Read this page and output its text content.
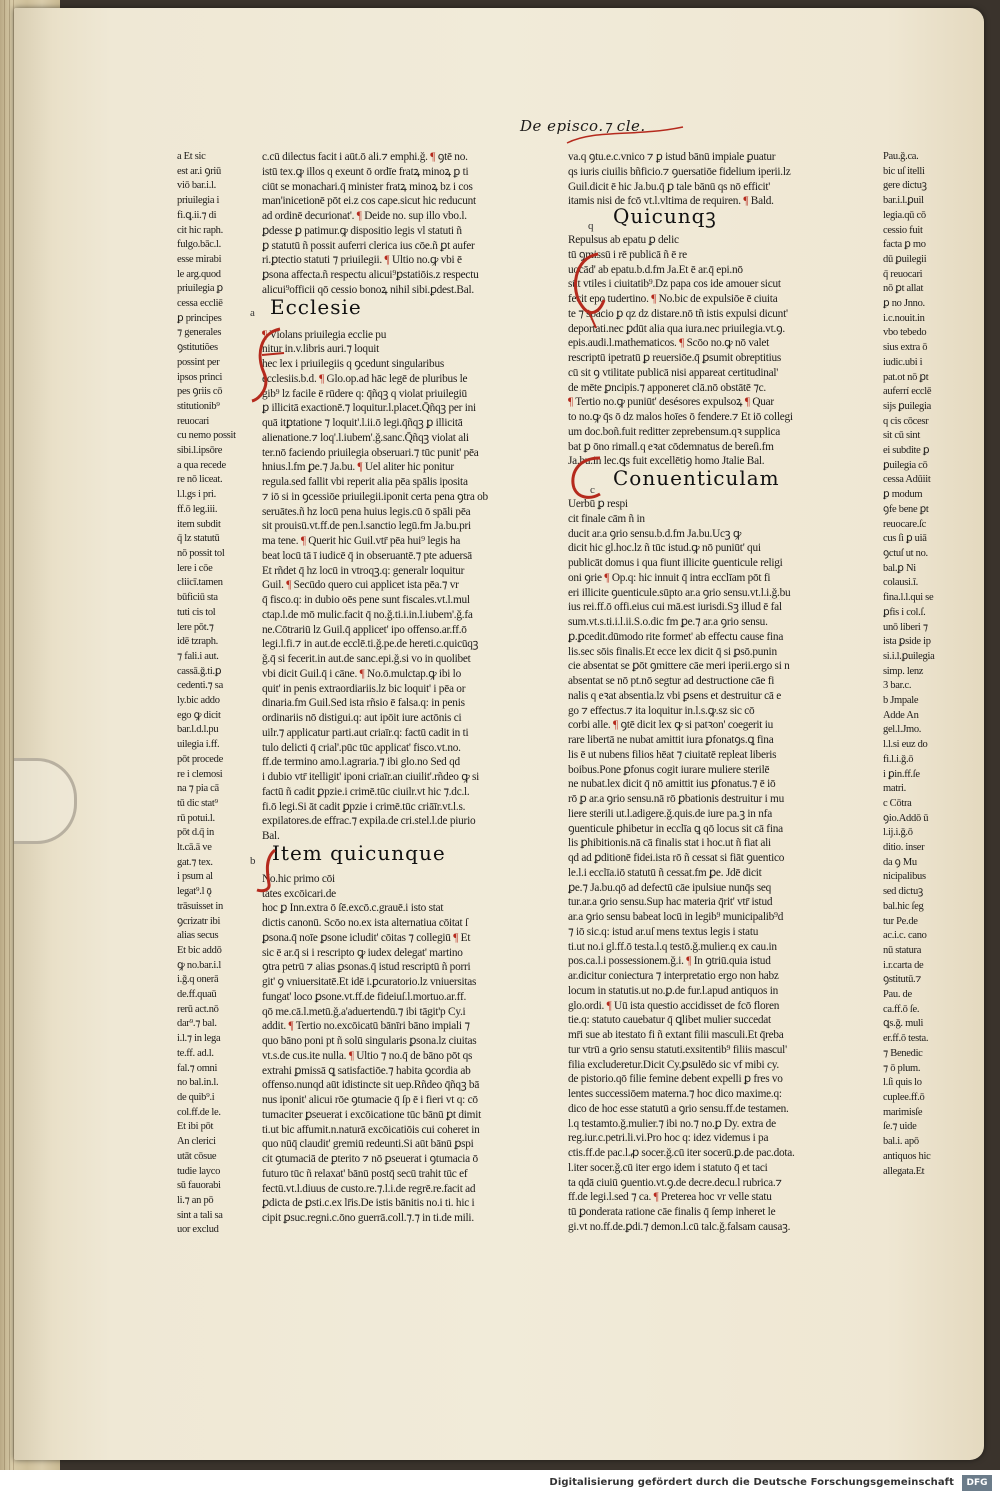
De episco.⁊ cle.

a Et sic

est ar.i ꝯriū

viō bar.i.l.

priuilegia i

fi.ꝗ.ii.⁊ di

cit hic raph.

fulgo.bāc.l.

esse mirabi

le arg.quod

priuilegia ꝑ

cessa eccliē

ꝑ principes

⁊ generales

ꝯstitutiões

possint per

ipsos princi

pes ꝯriis cō

stitutionib⁹

reuocari

cu nemo possit

sibi.l.ipsōre

a qua recede

re nō liceat.

l.l.gs i pri.

ff.ō leg.iii.

item subdit

q̄ lz statutū

nō possit tol

lere i cōe

cliicī.tamen

būficiū sta

tuti cis tol

lere pōt.⁊

idē tzraph.

⁊ fali.i aut.

cassā.ǧ.ti.ꝑ

cedenti.⁊ sa

ly.bic addo

ego ꝙ dicit

bar.l.d.l.pu

uilegia i.ff.

pōt procede

re i clemosi

na ⁊ pia cā

tū dic stat⁹

rū potui.l.

pōt d.q̄ in

lt.cā.ā ve

gat.⁊ tex.

i psum al

legat⁹.l ǭ

trāsuisset in

ꝯcrizatr ibi

alias secus

Et bic addō

ꝙ no.bar.i.l

i.ǧ.q onerā

de.ff.quaū

rerū act.nō

dar⁹.⁊ bal.

i.l.⁊ in lega

te.ff. ad.l.

fal.⁊ omni

no bal.in.l.

de quib⁹.i

col.ff.de le.

Et ibi pōt

An clerici

utāt cōsue

tudie layco

sū fauorabi

li.⁊ an pō

sint a tali sa

uor exclud

c.cū dilectus facit i aūt.ō ali.⁊ emphi.ǧ. ¶ ꝯtē no.

istū tex.ꝙ illos q exeunt ō ordīe fratꝝ minoꝝ ꝑ ti

ciūt se monachari.q̄ minister fratꝝ minoꝝ bz i cos

man'inicetionē pōt ei.z cos cape.sicut hic reducunt

ad ordinē decurionat'. ¶ Deide no. sup illo vbo.l.

ꝑdesse ꝑ patimur.ꝙ dispositio legis vl statuti ñ

ꝑ statutū ñ possit auferri clerica ius cōe.ñ ꝑt aufer

ri.ꝑtectio statuti ⁊ priuilegii. ¶ Ultio no.ꝙ vbi ē

ꝑsona affecta.ñ respectu alicui⁹ꝑstatiōis.z respectu

alicui⁹officii qō cessio bonoꝝ nihil sibi.ꝑdest.Bal.

a Ecclesie

¶ Violans priuilegia ecclie pu

nitur in.v.libris auri.⁊ loquit

hec lex i priuilegiis q ꝯcedunt singularibus

ecclesiis.b.d. ¶ Glo.op.ad hāc legē de pluribus le

gib⁹ lz facile ē rūdere q: q̄ñqꝫ q violat priuilegiū

ꝑ illicitā exactionē.⁊ loquitur.l.placet.Q̄ñqꝫ per ini

quā itꝑtatione ⁊ loquit'.l.ii.ō legi.q̄ñqꝫ ꝑ illicitā

alienatione.⁊ loq'.l.iubem'.ǧ.sanc.Q̄ñqꝫ violat ali

ter.nō faciendo priuilegia obseruari.⁊ tūc punit' pēa

hnius.l.fm ꝑe.⁊ Ja.bu. ¶ Uel aliter hic ponitur

regula.sed fallit vbi reperit alia pēa spālis iposita

⁊ iō si in ꝯcessiōe priuilegii.iponit certa pena ꝯtra ob

seruātes.ñ hz locū pena huius legis.cū ō spāli pēa

sit prouisū.vt.ff.de pen.l.sanctio legū.fm Ja.bu.pri

ma tene. ¶ Querit hic Guil.vtr̄ pēa hui⁹ legis ha

beat locū tā ī iudicē q̄ in obseruantē.⁊ pte aduersā

Et rñdet q̄ hz locū in vtroqꝫ.q: generalr loquitur

Guil. ¶ Secūdo quero cui applicet ista pēa.⁊ vr

q̄ fisco.q: in dubio oēs pene sunt fiscales.vt.l.mul

ctap.l.de mō mulic.facit q̄ no.ǧ.ti.i.in.l.iubem'.ǧ.fa

ne.Cōtrariū lz Guil.q̄ applicet' ipo offenso.ar.ff.ō

legi.l.fi.⁊ in aut.de ecclē.ti.ǧ.pe.de hereti.c.quicūqꝫ

ǧ.q̄ si fecerit.in aut.de sanc.epi.ǧ.si vo in quolibet

vbi dicit Guil.q̄ i cāne. ¶ No.ō.mulctap.ꝙ ibi lo

quit' in penis extraordiariis.lz bic loquit' i pēa or

dinaria.fm Guil.Sed ista rñsio ē falsa.q: in penis

ordinariis nō distigui.q: aut ipōit iure actōnis ci

uilr.⁊ applicatur parti.aut criaīr.q: factū cadit in ti

tulo delicti q̄ crial'.pūc tūc applicat' fisco.vt.no.

ff.de termino amo.l.agraria.⁊ ibi glo.no Sed qd

i dubio vtr̄ itelligit' iponi criaīr.an ciuilit'.rñdeo ꝙ si

factū ñ cadit ꝑpzie.i crimē.tūc ciuilr.vt hic ⁊.dc.l.

fi.ō legi.Si āt cadit ꝑpzie i crimē.tūc criāīr.vt.l.s.

expilatores.de effrac.⁊ expila.de cri.stel.l.de piurio

Bal.

b Item quicunque

No.hic primo cōi

tates excōicari.de

hoc ꝑ Inn.extra ō ſē.excō.c.grauē.i isto stat

dictis canonū. Scōo no.ex ista alternatiua cōitat ſ

ꝑsona.q̄ noīe ꝑsone icludit' cōitas ⁊ collegiū ¶ Et

sic ē ar.q̄ si i rescripto ꝙ iudex delegat' martino

ꝯtra petrū ⁊ alias ꝑsonas.q̄ istud rescriptū ñ porri

git' ꝯ vniuersitatē.Et idē i.ꝑcuratorio.lz vniuersitas

fungat' loco ꝑsone.vt.ff.de fideiuſ.l.mortuo.ar.ff.

qō me.cā.l.metū.ǧ.a'aduertendū.⁊ ibi tāgit'p Cy.i

addit. ¶ Tertio no.excōicatū bānīri bāno impiali ⁊

quo bāno poni pt ñ solū singularis ꝑsona.lz ciuitas

vt.s.de cus.ite nulla. ¶ Ultio ⁊ no.q̄ de bāno pōt qs

extrahi ꝑmissā ꝗ satisfactiōe.⁊ habita ꝯcordia ab

offenso.nunqd aūt idistincte sit uep.Rñdeo q̄ñqꝫ bā

nus iponit' alicui rōe ꝯtumacie q̄ ſp ē i fieri vt q: cō

tumaciter ꝑseuerat i excōicatione tūc bānū ꝑt dimit

ti.ut bic affumit.n.naturā excōicatiōis cui coheret in

quo nūq̄ claudit' gremiū redeunti.Si aūt bānū ꝑspi

cit ꝯtumaciā de ꝑterito ⁊ nō ꝑseuerat i ꝯtumacia ō

futuro tūc ñ relaxat' bānū postq̄ secū trahit tūc ef

fectū.vt.l.diuus de custo.re.⁊.l.i.de regrē.re.facit ad

ꝑdicta de ꝑsti.c.ex lr̄is.De istis bānitis no.i ti. hic i

cipit ꝑsuc.regni.c.ōno guerrā.coll.⁊.⁊ in ti.de mili.

va.q ꝯtu.e.c.vnico ⁊ ꝑ istud bānū impiale ꝑuatur

qs iuris ciuilis bñficio.⁊ ꝯuersatiōe fidelium iperii.lz

Guil.dicit ē hic Ja.bu.q̄ ꝑ tale bānū qs nō efficit'

itamis nisi de fcō vt.l.vltima de requiren. ¶ Bald.

q Quicunqꝫ

Repulsus ab epatu ꝑ delic

tū ꝯmissū i rē publicā ñ ē re

uocād' ab epatu.b.d.fm Ja.Et ē ar.q̄ epi.nō

sūt vtiles i ciuitatib⁹.Dz papa cos ide amouer sicut

fecit epo tudertino. ¶ No.bic de expulsiōe ē ciuita

te ⁊ spacio ꝑ qz dz distare.nō tñ istis expulsi dicunt'

deportati.nec ꝑdūt alia qua iura.nec priuilegia.vt.ꝯ.

epis.audi.l.mathematicos. ¶ Scōo no.ꝙ nō valet

rescriptū ipetratū ꝑ reuersiōe.q̄ ꝑsumit obreptitius

cū sit ꝯ vtilitate publicā nisi appareat certitudinal'

de mēte ꝑncipis.⁊ apponeret clā.nō obstātē ⁊c.

¶ Tertio no.ꝙ puniūt' desésores expulsoꝝ ¶ Quar

to no.ꝙ q̄s ō dz malos hoīes ō fendere.⁊ Et iō collegi

um doc.boñ.fuit reditter zeprebensum.qꝛ supplica

bat ꝑ ōno rimall.q eꝛat cōdemnatus de bereſi.fm

Ja.bu.in lec.ꝗs fuit excellētiꝯ homo Jtalie Bal.

c Conuenticulam

Uerbū ꝑ respi

cit finale cām ñ in

ducit ar.a ꝯrio sensu.b.d.fm Ja.bu.Ucꝫ ꝙ

dicit hic gl.hoc.lz ñ tūc istud.ꝙ nō puniūt' qui

publicāt domus i qua fiunt illicite ꝯuenticule religi

oni ꝯrie ¶ Op.q: hic innuit q̄ intra ecclīam pōt fi

eri illicite ꝯuenticule.sūpto ar.a ꝯrio sensu.vt.l.i.ǧ.bu

ius rei.ff.ō offi.eius cui mā.est iurisdi.Sꝫ illud ē fal

sum.vt.s.ti.i.l.ii.S.o.dic fm ꝑe.⁊ ar.a ꝯrio sensu.

ꝑ.ꝑcedit.dūmodo rite formet' ab effectu cause fina

lis.sec sōis finalis.Et ecce lex dicit q̄ si ꝑsō.punin

cie absentat se ꝑōt ꝯmittere cāe meri iperii.ergo si n

absentat se nō pt.nō segtur ad destructione cāe fi

nalis q eꝛat absentia.lz vbi ꝑsens et destruitur cā e

go ⁊ effectus.⁊ ita loquitur in.l.s.ꝙ.sz sic cō

corbi alle. ¶ ꝯtē dicit lex ꝙ si patꝛon' coegerit iu

rare libertā ne nubat amittit iura ꝑfonatꝯs.ꝗ fina

lis ē ut nubens filios hēat ⁊ ciuitatē repleat liberis

boibus.Pone ꝑfonus cogit iurare muliere sterilē

ne nubat.lex dicit q̄ nō amittit ius ꝑfonatus.⁊ ē iō

rō ꝑ ar.a ꝯrio sensu.nā rō ꝑbationis destruitur i mu

liere sterili ut.l.adigere.ǧ.quis.de iure pa.ꝫ in nfa

ꝯuenticule ꝑhibetur in ecclīa ꝗ qō locus sit cā fina

lis ꝑhibitionis.nā cā finalis stat i hoc.ut ñ fiat ali

qd ad ꝑditionē fidei.ista rō ñ cessat si fiāt ꝯuentico

le.l.i ecclīa.iō statutū ñ cessat.fm ꝑe. Jdē dicit

ꝑe.⁊ Ja.bu.qō ad defectū cāe ipulsiue nunq̄s seq

tur.ar.a ꝯrio sensu.Sup hac materia q̄rit' vtr̄ istud

ar.a ꝯrio sensu babeat locū in legib⁹ municipalib⁹d

⁊ iō sic.q: istud ar.uſ mens textus legis i statu

ti.ut no.i gl.ff.ō testa.l.q testō.ǧ.mulier.q ex cau.in

pos.ca.l.i possessionem.ǧ.i. ¶ In ꝯtriū.quia istud

ar.dicitur coniectura ⁊ interpretatio ergo non habz

locum in statutis.ut no.ꝑ.de fur.l.apud antiquos in

glo.ordi. ¶ Uū ista questio accidisset de fcō floren

tie.q: statuto cauebatur q̄ ꝗlibet mulier succedat

mr̄i sue ab itestato fi ñ extant filii masculi.Et q̄reba

tur vtrū a ꝯrio sensu statuti.exsitentib⁹ filiis mascul'

filia excluderetur.Dicit Cy.ꝑsulēdo sic vf mibi cy.

de pistorio.qō filie femine debent expelli ꝑ fres vo

lentes successiōem materna.⁊ hoc dico maxime.q:

dico de hoc esse statutū a ꝯrio sensu.ff.de testamen.

l.q testamto.ǧ.mulier.⁊ ibi no.⁊ no.ꝑ Dy. extra de

reg.iur.c.petri.li.vi.Pro hoc q: idez videmus i pa

ctis.ff.de pac.l.ꝓ socer.ǧ.cū iter socerū.ꝑ.de pac.dota.

l.iter socer.ǧ.cū iter ergo idem i statuto q̄ et taci

ta qdā ciuiū ꝯuentio.vt.ꝯ.de decre.decu.l rubrica.⁊

ff.de legi.l.sed ⁊ ca. ¶ Preterea hoc vr velle statu

tū ꝑonderata ratione cāe finalis q̄ ſemp inheret le

gi.vt no.ff.de.ꝑdi.⁊ demon.l.cū talc.ǧ.falsam causaꝫ.

Pau.ǧ.ca.

bic uſ itelli

gere dictuꝫ

bar.i.l.ꝑuil

legia.qū cō

cessio fuit

facta ꝑ mo

dū ꝑuilegii

q̄ reuocari

nō ꝑt allat

ꝑ no Jnno.

i.c.nouit.in

vbo tebedo

sius extra ō

iudic.ubi i

pat.ot nō ꝑt

auferrí ecclē

sijs ꝑuilegia

q cis cōcesr

sit cū sint

ei subdite ꝑ

ꝑuilegia cō

cessa Adūiit

ꝑ modum

ꝯfe bene ꝑt

reuocare.ſc

cus ſi ꝑ uiā

ꝯctuſ ut no.

bal.ꝑ Ni

colausi.ī.

fina.l.l.qui se

ꝑfis i col.ſ.

unō liberi ⁊

ista ꝑside ip

si.i.l.ꝑuilegia

simp. lenz

3 bar.c.

b Jmpale

Adde An

gel.l.Jmo.

l.l.si euz do

fi.l.i.ǧ.ō

i ꝑin.ff.ſe

matri.

c Cōtra

ꝯio.Addō ū

l.ij.i.ǧ.ō

ditio. inser

da ꝯ Mu

nicipalibus

sed dictuꝫ

bal.hic ſeg

tur Pe.de

ac.i.c. cano

nū statura

i.r.carta de

ꝯstitutū.⁊

Pau. de

ca.ff.ō ſe.

ꝗs.ǧ. muli

er.ff.ō testa.

⁊ Benedic

⁊ ō plum.

l.ſi quis lo

cuplee.ff.ō

marimisſe

ſe.⁊ uide

bal.i. apō

antiquos hic

allegata.Et

Digitalisierung gefördert durch die Deutsche Forschungsgemeinschaft	DFG
